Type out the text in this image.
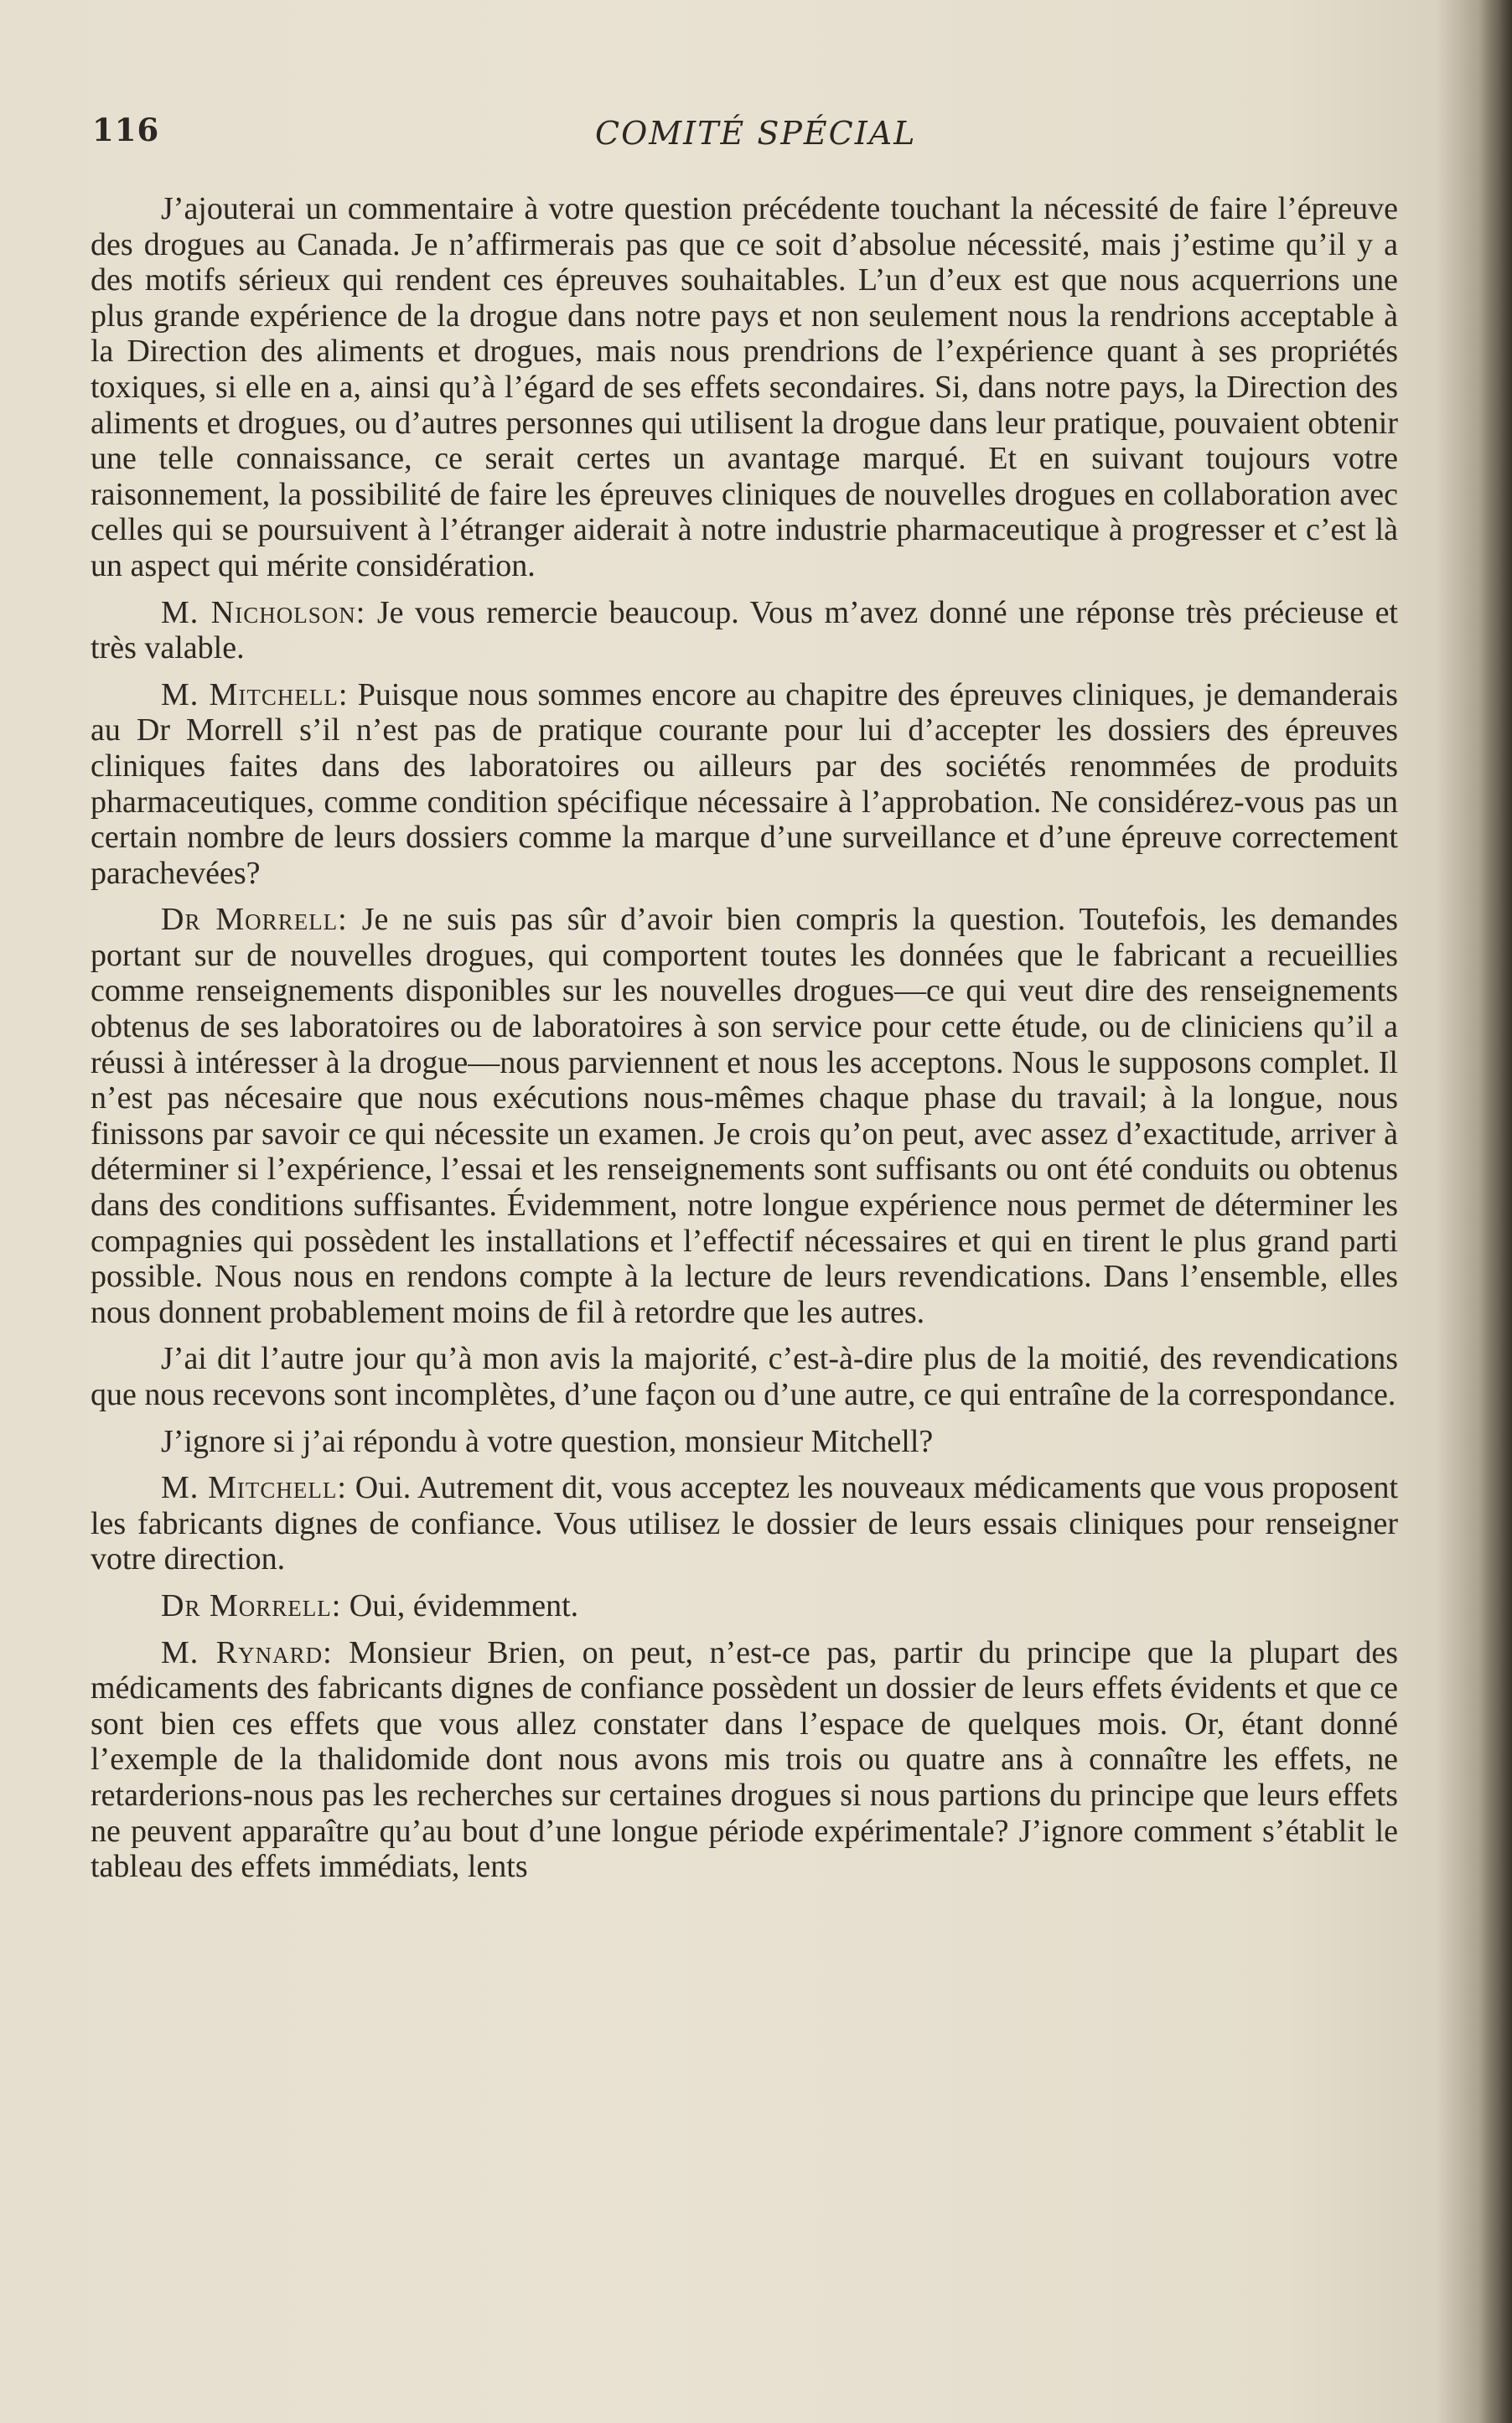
116	COMITÉ SPÉCIAL

J’ajouterai un commentaire à votre question précédente touchant la nécessité de faire l’épreuve des drogues au Canada. Je n’affirmerais pas que ce soit d’absolue nécessité, mais j’estime qu’il y a des motifs sérieux qui rendent ces épreuves souhaitables. L’un d’eux est que nous acquerrions une plus grande expérience de la drogue dans notre pays et non seulement nous la rendrions acceptable à la Direction des aliments et drogues, mais nous prendrions de l’expérience quant à ses propriétés toxiques, si elle en a, ainsi qu’à l’égard de ses effets secondaires. Si, dans notre pays, la Direction des aliments et drogues, ou d’autres personnes qui utilisent la drogue dans leur pratique, pouvaient obtenir une telle connaissance, ce serait certes un avantage marqué. Et en suivant toujours votre raisonnement, la possibilité de faire les épreuves cliniques de nouvelles drogues en collaboration avec celles qui se poursuivent à l’étranger aiderait à notre industrie pharmaceutique à progresser et c’est là un aspect qui mérite considération.

M. Nicholson: Je vous remercie beaucoup. Vous m’avez donné une réponse très précieuse et très valable.

M. Mitchell: Puisque nous sommes encore au chapitre des épreuves cliniques, je demanderais au Dr Morrell s’il n’est pas de pratique courante pour lui d’accepter les dossiers des épreuves cliniques faites dans des laboratoires ou ailleurs par des sociétés renommées de produits pharmaceutiques, comme condition spécifique nécessaire à l’approbation. Ne considérez-vous pas un certain nombre de leurs dossiers comme la marque d’une surveillance et d’une épreuve correctement parachevées?

Dr Morrell: Je ne suis pas sûr d’avoir bien compris la question. Toutefois, les demandes portant sur de nouvelles drogues, qui comportent toutes les données que le fabricant a recueillies comme renseignements disponibles sur les nouvelles drogues—ce qui veut dire des renseignements obtenus de ses laboratoires ou de laboratoires à son service pour cette étude, ou de cliniciens qu’il a réussi à intéresser à la drogue—nous parviennent et nous les acceptons. Nous le supposons complet. Il n’est pas nécesaire que nous exécutions nous-mêmes chaque phase du travail; à la longue, nous finissons par savoir ce qui nécessite un examen. Je crois qu’on peut, avec assez d’exactitude, arriver à déterminer si l’expérience, l’essai et les renseignements sont suffisants ou ont été conduits ou obtenus dans des conditions suffisantes. Évidemment, notre longue expérience nous permet de déterminer les compagnies qui possèdent les installations et l’effectif nécessaires et qui en tirent le plus grand parti possible. Nous nous en rendons compte à la lecture de leurs revendications. Dans l’ensemble, elles nous donnent probablement moins de fil à retordre que les autres.

J’ai dit l’autre jour qu’à mon avis la majorité, c’est-à-dire plus de la moitié, des revendications que nous recevons sont incomplètes, d’une façon ou d’une autre, ce qui entraîne de la correspondance.

J’ignore si j’ai répondu à votre question, monsieur Mitchell?

M. Mitchell: Oui. Autrement dit, vous acceptez les nouveaux médicaments que vous proposent les fabricants dignes de confiance. Vous utilisez le dossier de leurs essais cliniques pour renseigner votre direction.

Dr Morrell: Oui, évidemment.

M. Rynard: Monsieur Brien, on peut, n’est-ce pas, partir du principe que la plupart des médicaments des fabricants dignes de confiance possèdent un dossier de leurs effets évidents et que ce sont bien ces effets que vous allez constater dans l’espace de quelques mois. Or, étant donné l’exemple de la thalidomide dont nous avons mis trois ou quatre ans à connaître les effets, ne retarderions-nous pas les recherches sur certaines drogues si nous partions du principe que leurs effets ne peuvent apparaître qu’au bout d’une longue période expérimentale? J’ignore comment s’établit le tableau des effets immédiats, lents
